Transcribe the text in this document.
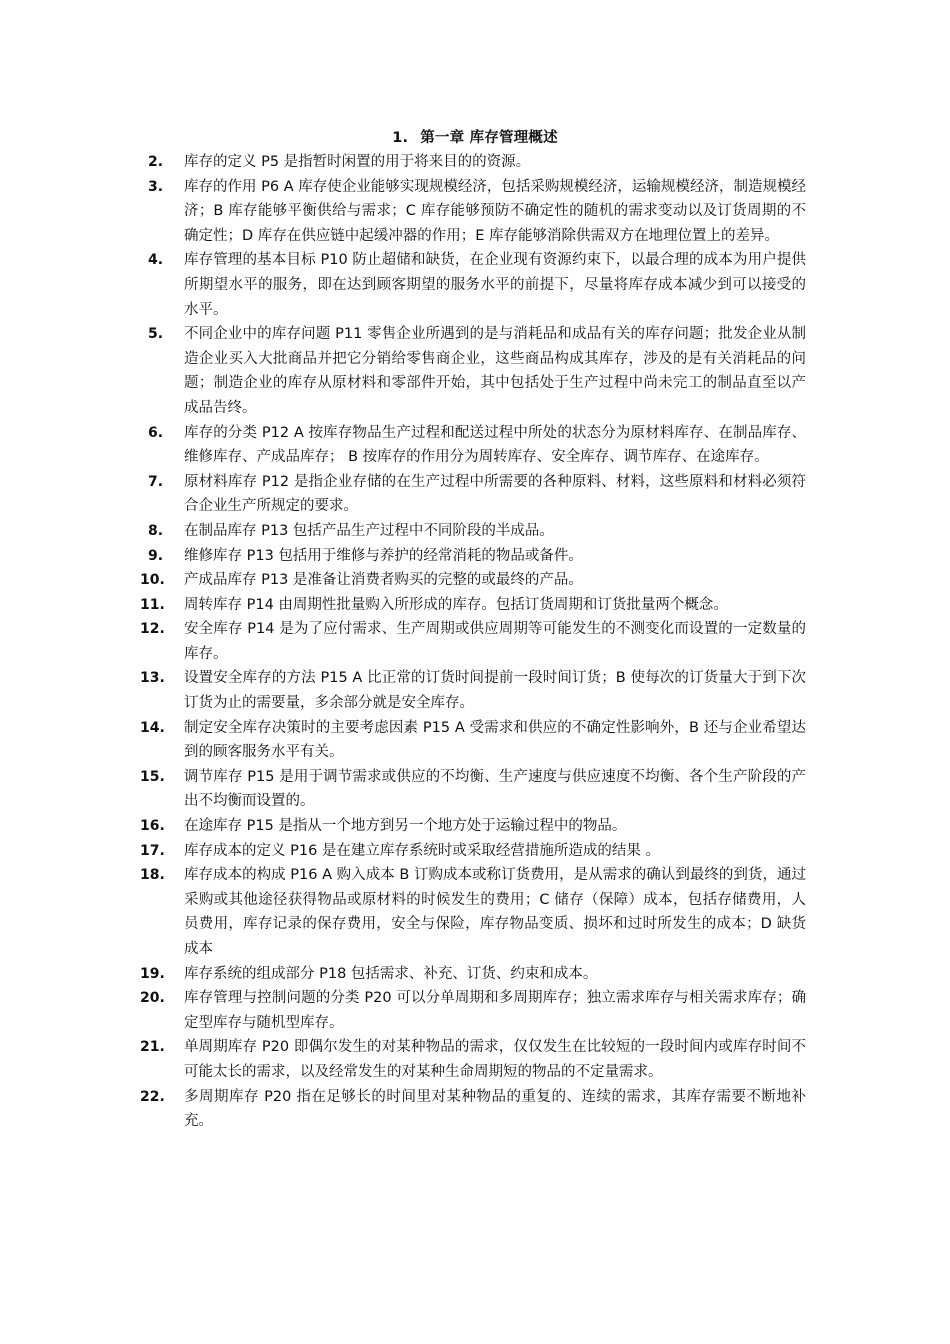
1. 第一章 库存管理概述
2.	库存的定义 P5 是指暂时闲置的用于将来目的的资源。
3.	库存的作用 P6 A 库存使企业能够实现规模经济，包括采购规模经济，运输规模经济，制造规模经济；B 库存能够平衡供给与需求；C 库存能够预防不确定性的随机的需求变动以及订货周期的不确定性；D 库存在供应链中起缓冲器的作用；E 库存能够消除供需双方在地理位置上的差异。
4.	库存管理的基本目标 P10 防止超储和缺货，在企业现有资源约束下，以最合理的成本为用户提供所期望水平的服务，即在达到顾客期望的服务水平的前提下，尽量将库存成本减少到可以接受的水平。
5.	不同企业中的库存问题 P11 零售企业所遇到的是与消耗品和成品有关的库存问题；批发企业从制造企业买入大批商品并把它分销给零售商企业，这些商品构成其库存，涉及的是有关消耗品的问题；制造企业的库存从原材料和零部件开始，其中包括处于生产过程中尚未完工的制品直至以产成品告终。
6.	库存的分类 P12 A 按库存物品生产过程和配送过程中所处的状态分为原材料库存、在制品库存、维修库存、产成品库存； B 按库存的作用分为周转库存、安全库存、调节库存、在途库存。
7.	原材料库存 P12 是指企业存储的在生产过程中所需要的各种原料、材料，这些原料和材料必须符合企业生产所规定的要求。
8.	在制品库存 P13 包括产品生产过程中不同阶段的半成品。
9.	维修库存 P13 包括用于维修与养护的经常消耗的物品或备件。
10.	产成品库存 P13 是准备让消费者购买的完整的或最终的产品。
11.	周转库存 P14 由周期性批量购入所形成的库存。包括订货周期和订货批量两个概念。
12.	安全库存 P14 是为了应付需求、生产周期或供应周期等可能发生的不测变化而设置的一定数量的库存。
13.	设置安全库存的方法 P15 A 比正常的订货时间提前一段时间订货；B 使每次的订货量大于到下次订货为止的需要量，多余部分就是安全库存。
14.	制定安全库存决策时的主要考虑因素 P15 A 受需求和供应的不确定性影响外，B 还与企业希望达到的顾客服务水平有关。
15.	调节库存 P15 是用于调节需求或供应的不均衡、生产速度与供应速度不均衡、各个生产阶段的产出不均衡而设置的。
16.	在途库存 P15 是指从一个地方到另一个地方处于运输过程中的物品。
17.	库存成本的定义 P16 是在建立库存系统时或采取经营措施所造成的结果 。
18.	库存成本的构成 P16 A 购入成本 B 订购成本或称订货费用，是从需求的确认到最终的到货，通过采购或其他途径获得物品或原材料的时候发生的费用；C 储存（保障）成本，包括存储费用，人员费用，库存记录的保存费用，安全与保险，库存物品变质、损坏和过时所发生的成本；D 缺货成本
19.	库存系统的组成部分 P18 包括需求、补充、订货、约束和成本。
20.	库存管理与控制问题的分类 P20 可以分单周期和多周期库存；独立需求库存与相关需求库存；确定型库存与随机型库存。
21.	单周期库存 P20 即偶尔发生的对某种物品的需求，仅仅发生在比较短的一段时间内或库存时间不可能太长的需求，以及经常发生的对某种生命周期短的物品的不定量需求。
22.	多周期库存 P20 指在足够长的时间里对某种物品的重复的、连续的需求，其库存需要不断地补充。
